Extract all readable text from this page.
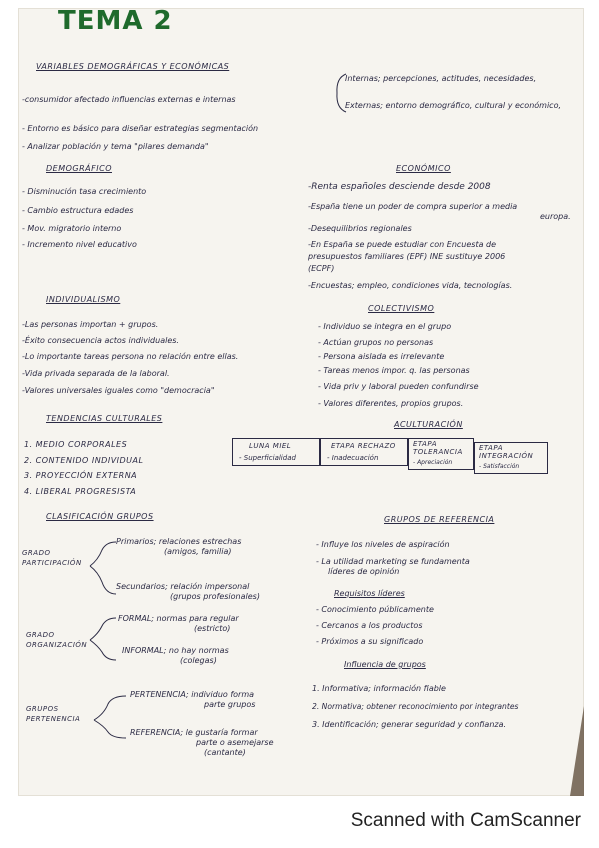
TEMA 2
VARIABLES DEMOGRÁFICAS Y ECONÓMICAS
-consumidor afectado influencias externas e internas
Internas; percepciones, actitudes, necesidades,
Externas; entorno demográfico, cultural y económico,
- Entorno es básico para diseñar estrategias segmentación
- Analizar población y tema "pilares demanda"
DEMOGRÁFICO
- Disminución tasa crecimiento
- Cambio estructura edades
- Mov. migratorio interno
- Incremento nivel educativo
ECONÓMICO
-Renta españoles desciende desde 2008
-España tiene un poder de compra superior a media
europa.
-Desequilibrios regionales
-En España se puede estudiar con Encuesta de
presupuestos familiares (EPF) INE sustituye 2006
(ECPF)
-Encuestas; empleo, condiciones vida, tecnologías.
INDIVIDUALISMO
-Las personas importan + grupos.
-Éxito consecuencia actos individuales.
-Lo importante tareas persona no relación entre ellas.
-Vida privada separada de la laboral.
-Valores universales iguales como "democracia"
COLECTIVISMO
- Individuo se integra en el grupo
- Actúan grupos no personas
- Persona aislada es irrelevante
- Tareas menos impor. q. las personas
- Vida priv y laboral pueden confundirse
- Valores diferentes, propios grupos.
TENDENCIAS CULTURALES
1. MEDIO CORPORALES
2. CONTENIDO INDIVIDUAL
3. PROYECCIÓN EXTERNA
4. LIBERAL PROGRESISTA
ACULTURACIÓN
LUNA MIEL
- Superficialidad
ETAPA RECHAZO
- Inadecuación
ETAPA TOLERANCIA
- Apreciación
ETAPA INTEGRACIÓN
- Satisfacción
CLASIFICACIÓN GRUPOS
GRADO PARTICIPACIÓN
Primarios; relaciones estrechas
(amigos, familia)
Secundarios; relación impersonal
(grupos profesionales)
GRADO ORGANIZACIÓN
FORMAL; normas para regular
(estricto)
INFORMAL; no hay normas
(colegas)
GRUPOS PERTENENCIA
PERTENENCIA; individuo forma
parte grupos
REFERENCIA; le gustaría formar
parte o asemejarse
(cantante)
GRUPOS DE REFERENCIA
- Influye los niveles de aspiración
- La utilidad marketing se fundamenta
líderes de opinión
Requisitos líderes
- Conocimiento públicamente
- Cercanos a los productos
- Próximos a su significado
Influencia de grupos
1. Informativa; información fiable
2. Normativa; obtener reconocimiento por integrantes
3. Identificación; generar seguridad y confianza.
Scanned with CamScanner
